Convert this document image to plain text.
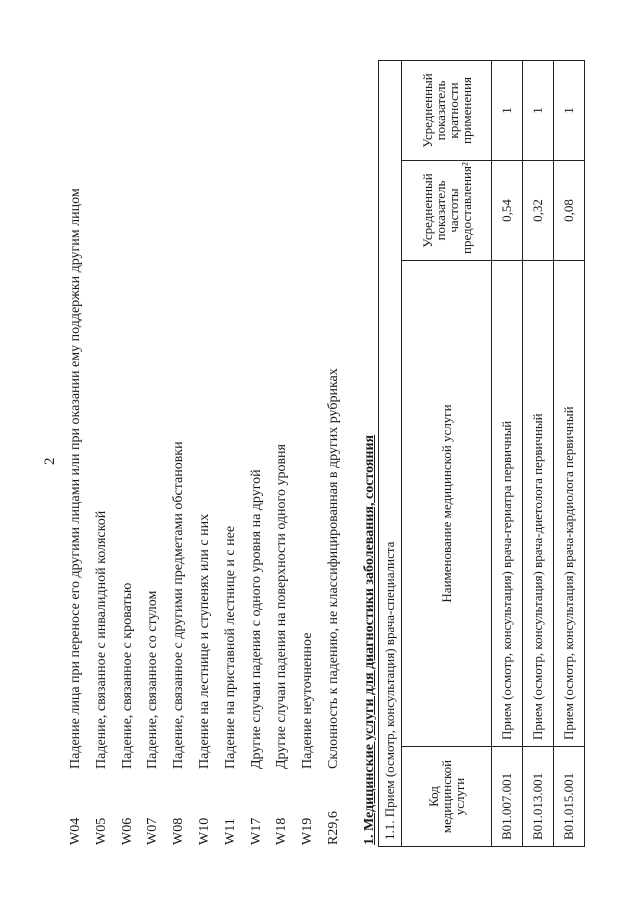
2
W04
Падение лица при переносе его другими лицами или при оказании ему поддержки другим лицом
W05
Падение, связанное с инвалидной коляской
W06
Падение, связанное с кроватью
W07
Падение, связанное со стулом
W08
Падение, связанное с другими предметами обстановки
W10
Падение на лестнице и ступенях или с них
W11
Падение на приставной лестнице и с нее
W17
Другие случаи падения с одного уровня на другой
W18
Другие случаи падения на поверхности одного уровня
W19
Падение неуточненное
R29,6
Склонность к падению, не классифицированная в других рубриках 1. Медицинские услуги для диагностики заболевания, состояния 1.1. Прием (осмотр, консультация) врача-специалиста			
Код медицинской услуги	Наименование медицинской услуги	Усредненный показатель частоты предоставления²	Усредненный показатель кратности применения
B01.007.001	Прием (осмотр, консультация) врача-гериатра первичный	0,54	1
B01.013.001	Прием (осмотр, консультация) врача-диетолога первичный	0,32	1
B01.015.001	Прием (осмотр, консультация) врача-кардиолога первичный	0,08	1
